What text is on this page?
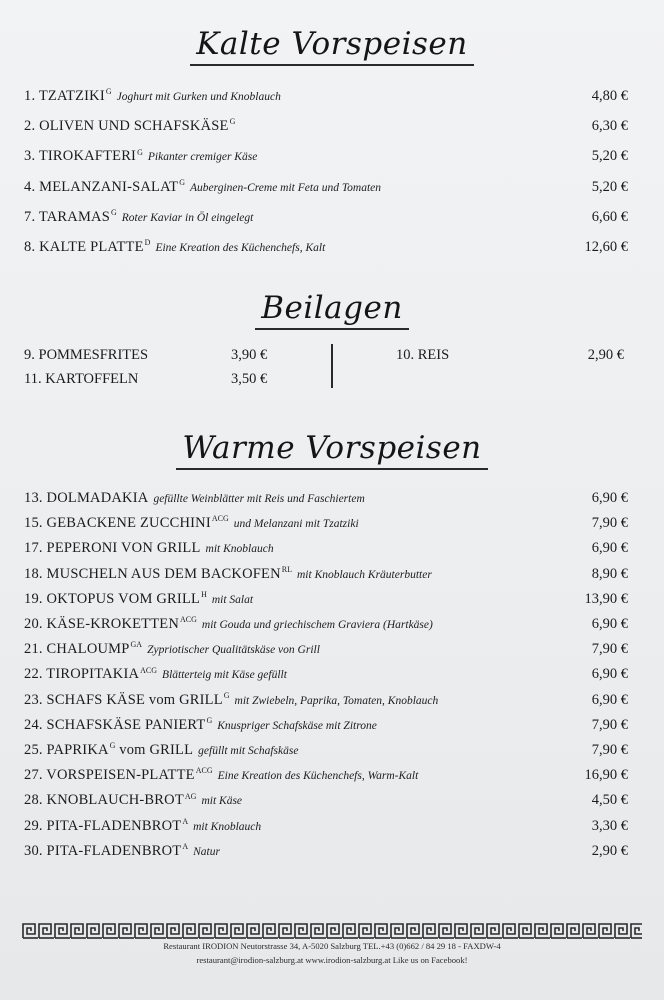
Kalte Vorspeisen
1. $TZATZIKI^G$ Joghurt mit Gurken und Knoblauch	4,80 €
2. OLIVEN UND $SCHAFSKÄSE^G$	6,30 €
3. $TIROKAFTERI^G$ Pikanter cremiger Käse	5,20 €
4. MELANZANI-$SALAT^G$ Auberginen-Creme mit Feta und Tomaten	5,20 €
7. $TARAMAS^G$ Roter Kaviar in Öl eingelegt	6,60 €
8. KALTE $PLATTE^D$ Eine Kreation des Küchenchefs, Kalt	12,60 €
Beilagen
9. POMMESFRITES	3,90 €
11. KARTOFFELN	3,50 €
10. REIS	2,90 €
Warme Vorspeisen
13. DOLMADAKIA gefüllte Weinblätter mit Reis und Faschiertem	6,90 €
15. GEBACKENE $ZUCCHINI^{ACG}$ und Melanzani mit Tzatziki	7,90 €
17. PEPERONI VON GRILL mit Knoblauch	6,90 €
18. MUSCHELN AUS DEM $BACKOFEN^{RL}$ mit Knoblauch Kräuterbutter	8,90 €
19. OKTOPUS VOM $GRILL^H$ mit Salat	13,90 €
20. KÄSE-$KROKETTEN^{ACG}$ mit Gouda und griechischem Graviera (Hartkäse)	6,90 €
21. $CHALOUMP^{GA}$ Zypriotischer Qualitätskäse von Grill	7,90 €
22. $TIROPITAKIA^{ACG}$ Blätterteig mit Käse gefüllt	6,90 €
23. SCHAFS KÄSE vom $GRILL^G$ mit Zwiebeln, Paprika, Tomaten, Knoblauch	6,90 €
24. SCHAFSKÄSE $PANIERT^G$ Knuspriger Schafskäse mit Zitrone	7,90 €
25. $PAPRIKA^G$ vom GRILL gefüllt mit Schafskäse	7,90 €
27. VORSPEISEN-$PLATTE^{ACG}$ Eine Kreation des Küchenchefs, Warm-Kalt	16,90 €
28. KNOBLAUCH-$BROT^{AG}$ mit Käse	4,50 €
29. PITA-$FLADENBROT^A$ mit Knoblauch	3,30 €
30. PITA-$FLADENBROT^A$ Natur	2,90 €
Restaurant IRODION Neutorstrasse 34, A-5020 Salzburg TEL.+43 (0)662 / 84 29 18 - FAXDW-4
restaurant@irodion-salzburg.at www.irodion-salzburg.at Like us on Facebook!
